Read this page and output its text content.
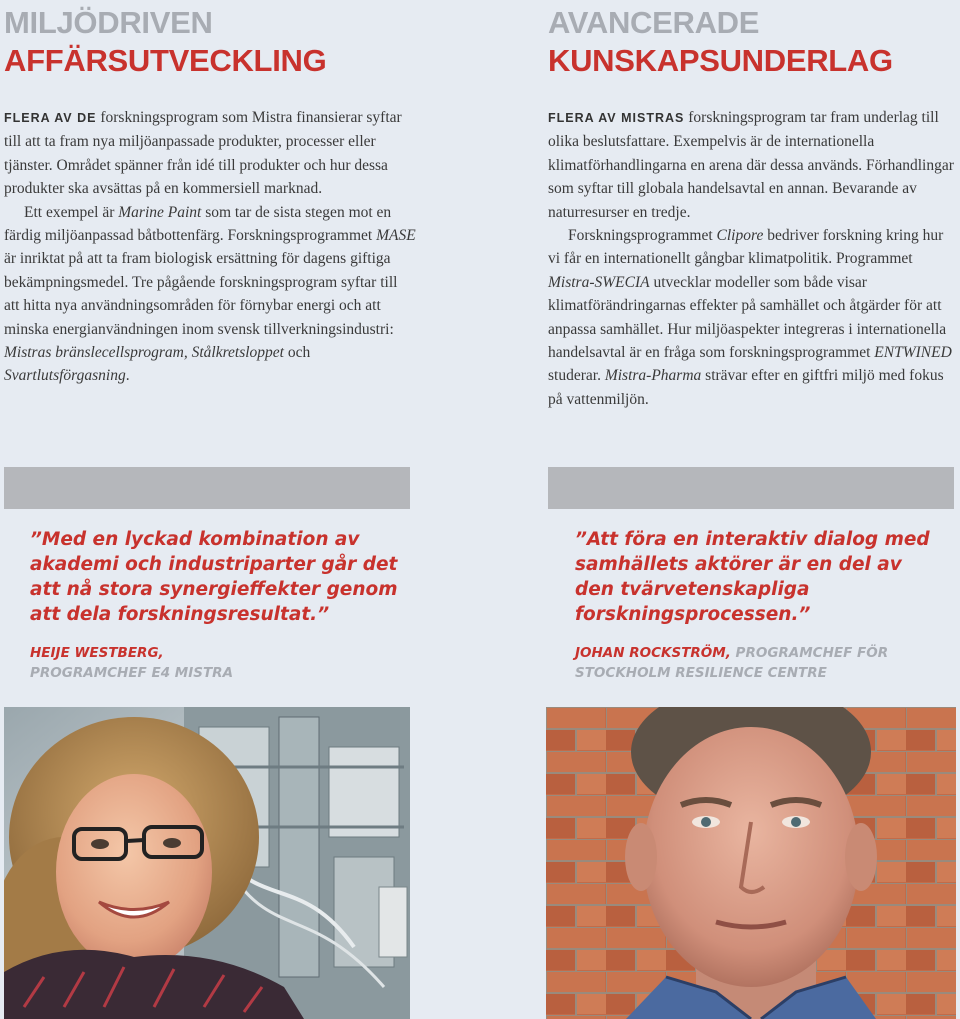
MILJÖDRIVEN
AFFÄRSUTVECKLING

FLERA AV DE forskningsprogram som Mistra finansierar syftar till att ta fram nya miljöanpassade produkter, processer eller tjänster. Området spänner från idé till produkter och hur dessa produkter ska avsättas på en kommersiell marknad.

Ett exempel är Marine Paint som tar de sista stegen mot en färdig miljöanpassad båtbottenfärg. Forskningsprogrammet MASE är inriktat på att ta fram biologisk ersättning för dagens giftiga bekämpningsmedel. Tre pågående forskningsprogram syftar till att hitta nya användningsområden för förnybar energi och att minska energianvändningen inom svensk tillverkningsindustri: Mistras bränslecellsprogram, Stålkretsloppet och Svartlutsförgasning.

AVANCERADE
KUNSKAPSUNDERLAG

FLERA AV MISTRAS forskningsprogram tar fram underlag till olika beslutsfattare. Exempelvis är de internationella klimatförhandlingarna en arena där dessa används. Förhandlingar som syftar till globala handelsavtal en annan. Bevarande av naturresurser en tredje.

Forskningsprogrammet Clipore bedriver forskning kring hur vi får en internationellt gångbar klimatpolitik. Programmet Mistra-SWECIA utvecklar modeller som både visar klimatförändringarnas effekter på samhället och åtgärder för att anpassa samhället. Hur miljöaspekter integreras i internationella handelsavtal är en fråga som forskningsprogrammet ENTWINED studerar. Mistra-Pharma strävar efter en giftfri miljö med fokus på vattenmiljön.

”Med en lyckad kombination av akademi och industriparter går det att nå stora synergieffekter genom att dela forskningsresultat.”
”Att föra en interaktiv dialog med samhällets aktörer är en del av den tvärvetenskapliga forskningsprocessen.”
HEIJE WESTBERG,
PROGRAMCHEF E4 MISTRA
JOHAN ROCKSTRÖM, PROGRAMCHEF FÖR STOCKHOLM RESILIENCE CENTRE
